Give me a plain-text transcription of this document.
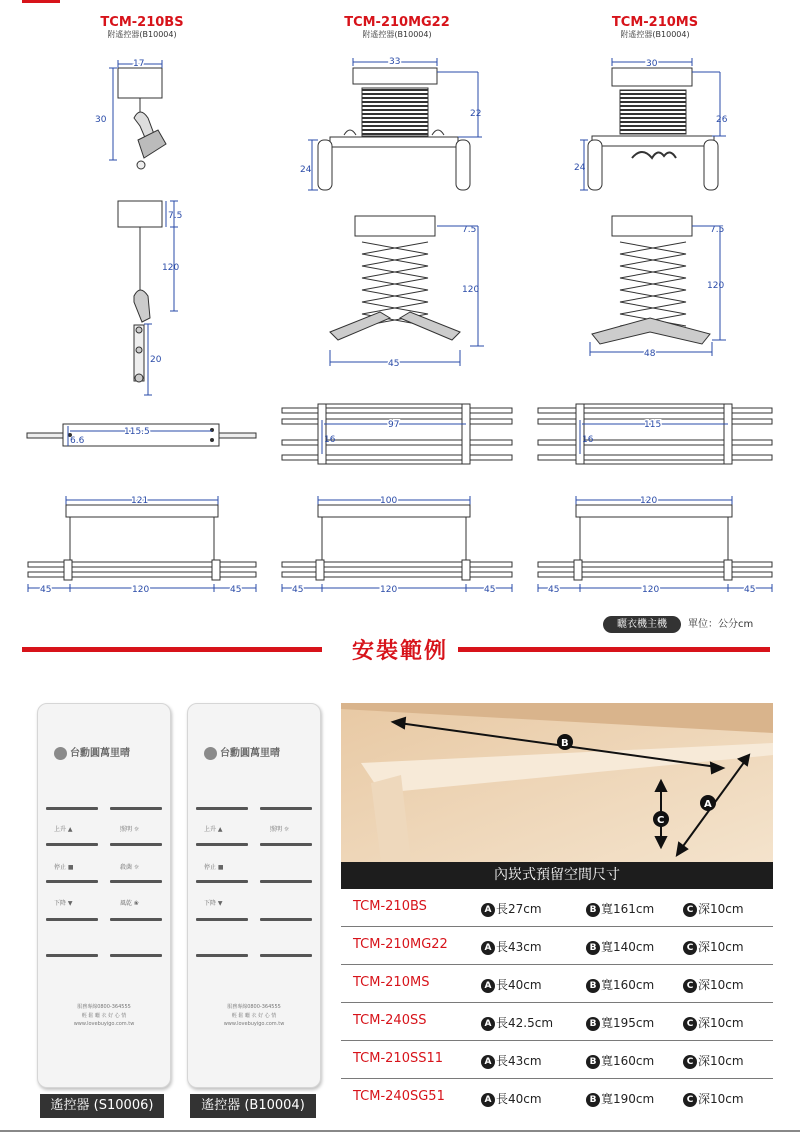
TCM-210BS
附遙控器(B10004)
TCM-210MG22
附遙控器(B10004)
TCM-210MS
附遙控器(B10004)
17
30
7.5
120
20
33
22
24
7.5
120
45
30
26
24
7.5
120
48
115.5
6.6
97
16
115
16
121
45	120	45
100
45	120	45
120
45	120	45
曬衣機主機	單位：公分cm
安裝範例
台勳圓萬里晴
上升 ▲	照明 ☼
停止 ■	殺菌 ☼
下降 ▼	風乾 ❀
服務專線0800-364555
輕 鬆 曬 衣 好 心 情
www.lovebuyigo.com.tw
遙控器 (S10006)
台勳圓萬里晴
上升 ▲	照明 ☼
停止 ■
下降 ▼
服務專線0800-364555
輕 鬆 曬 衣 好 心 情
www.lovebuyigo.com.tw
遙控器 (B10004)
B
A
C
內崁式預留空間尺寸
TCM-210BS	A 長27cm	B 寬161cm	C 深10cm
TCM-210MG22	A 長43cm	B 寬140cm	C 深10cm
TCM-210MS	A 長40cm	B 寬160cm	C 深10cm
TCM-240SS	A 長42.5cm	B 寬195cm	C 深10cm
TCM-210SS11	A 長43cm	B 寬160cm	C 深10cm
TCM-240SG51	A 長40cm	B 寬190cm	C 深10cm
